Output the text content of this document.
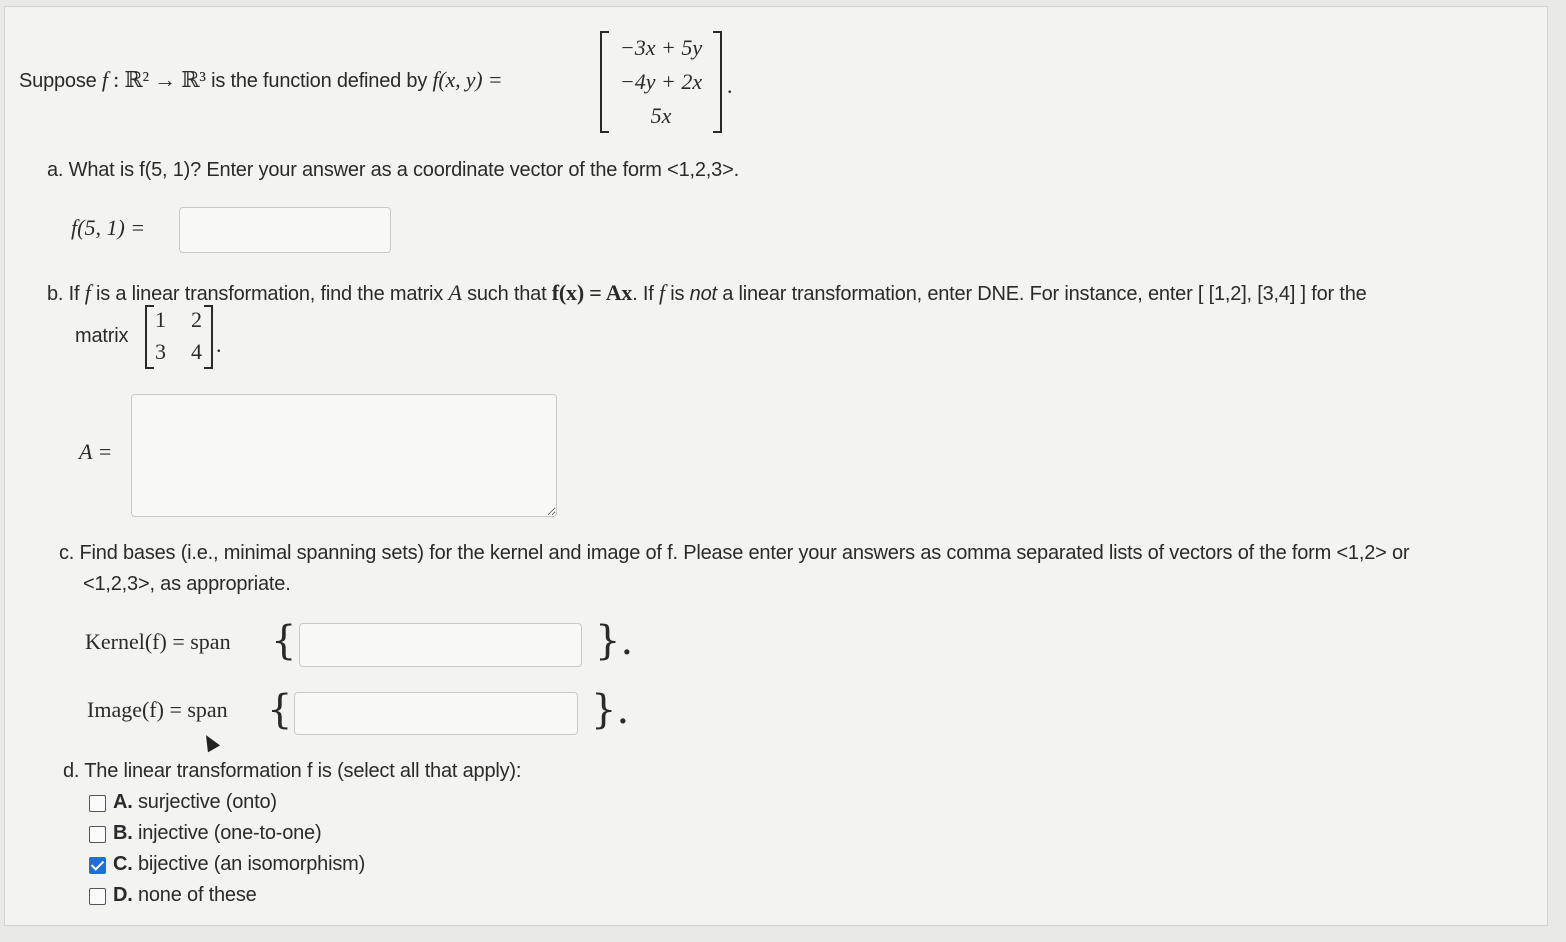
Suppose f : ℝ² → ℝ³ is the function defined by f(x, y) =
−3x + 5y
−4y + 2x
5x
.
a. What is f(5, 1)? Enter your answer as a coordinate vector of the form <1,2,3>.
f(5, 1) =
b. If f is a linear transformation, find the matrix A such that f(x) = Ax. If f is not a linear transformation, enter DNE. For instance, enter [ [1,2], [3,4] ] for the
matrix
1 2
3 4 .
A =
c. Find bases (i.e., minimal spanning sets) for the kernel and image of f. Please enter your answers as comma separated lists of vectors of the form <1,2> or
<1,2,3>, as appropriate.
Kernel(f) = span {	}.
Image(f) = span {	}.
d. The linear transformation f is (select all that apply):
A. surjective (onto)
B. injective (one-to-one)
C. bijective (an isomorphism)
D. none of these
